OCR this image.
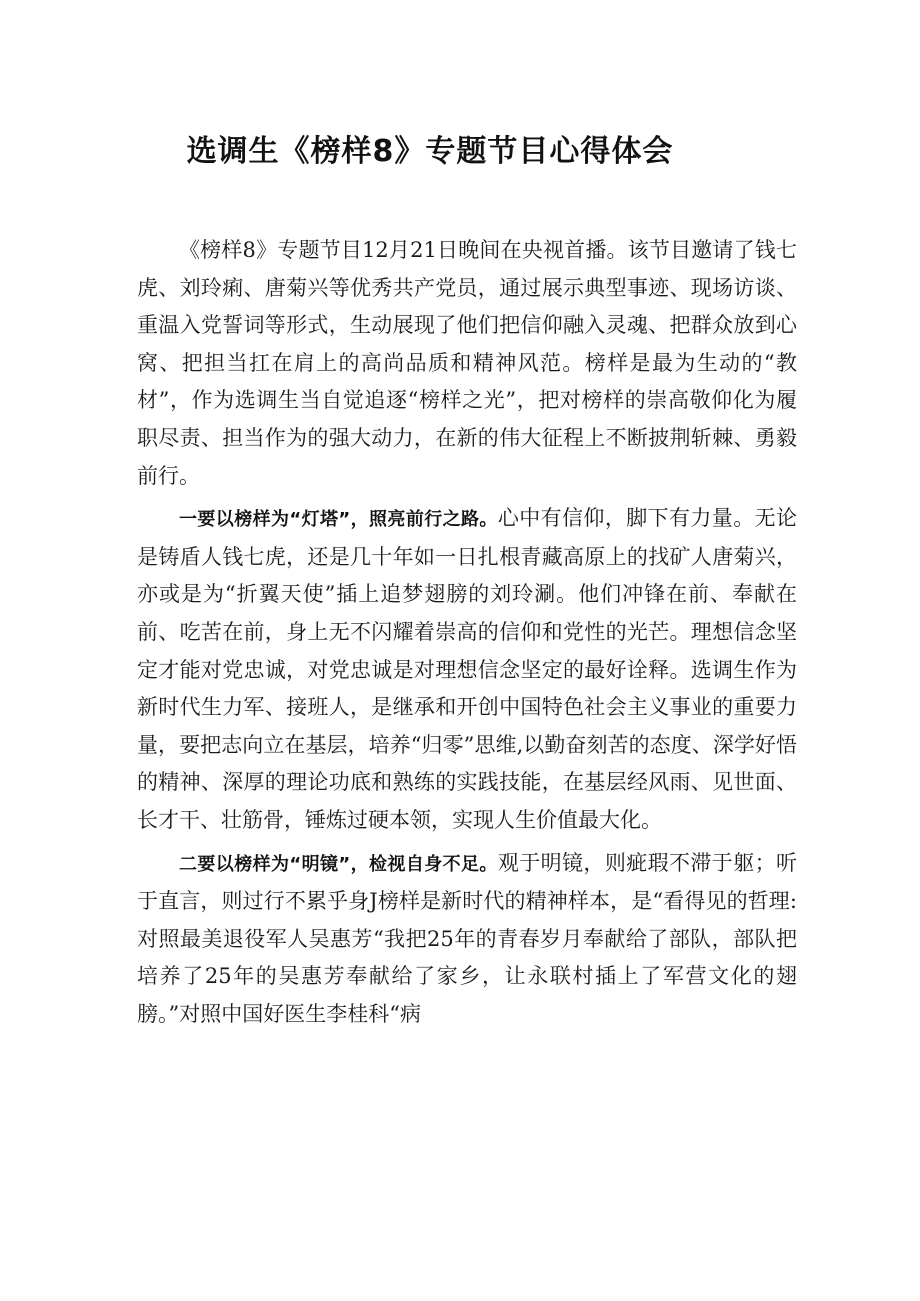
选调生《榜样8》专题节目心得体会

《榜样8》专题节目12月21日晚间在央视首播。该节目邀请了钱七虎、刘玲痢、唐菊兴等优秀共产党员，通过展示典型事迹、现场访谈、重温入党誓词等形式，生动展现了他们把信仰融入灵魂、把群众放到心窝、把担当扛在肩上的高尚品质和精神风范。榜样是最为生动的“教材”，作为选调生当自觉追逐“榜样之光”，把对榜样的崇高敬仰化为履职尽责、担当作为的强大动力，在新的伟大征程上不断披荆斩棘、勇毅前行。

一要以榜样为“灯塔”，照亮前行之路。心中有信仰，脚下有力量。无论是铸盾人钱七虎，还是几十年如一日扎根青藏高原上的找矿人唐菊兴，亦或是为“折翼天使”插上追梦翅膀的刘玲涮。他们冲锋在前、奉献在前、吃苦在前，身上无不闪耀着崇高的信仰和党性的光芒。理想信念坚定才能对党忠诚，对党忠诚是对理想信念坚定的最好诠释。选调生作为新时代生力军、接班人，是继承和开创中国特色社会主义事业的重要力量，要把志向立在基层，培养“归零”思维,以勤奋刻苦的态度、深学好悟的精神、深厚的理论功底和熟练的实践技能，在基层经风雨、见世面、长才干、壮筋骨，锤炼过硬本领，实现人生价值最大化。

二要以榜样为“明镜”，检视自身不足。观于明镜，则疵瑕不滞于躯；听于直言，则过行不累乎身J榜样是新时代的精神样本，是“看得见的哲理:对照最美退役军人吴惠芳“我把25年的青春岁月奉献给了部队，部队把培养了25年的吴惠芳奉献给了家乡，让永联村插上了军营文化的翅膀。”对照中国好医生李桂科“病
